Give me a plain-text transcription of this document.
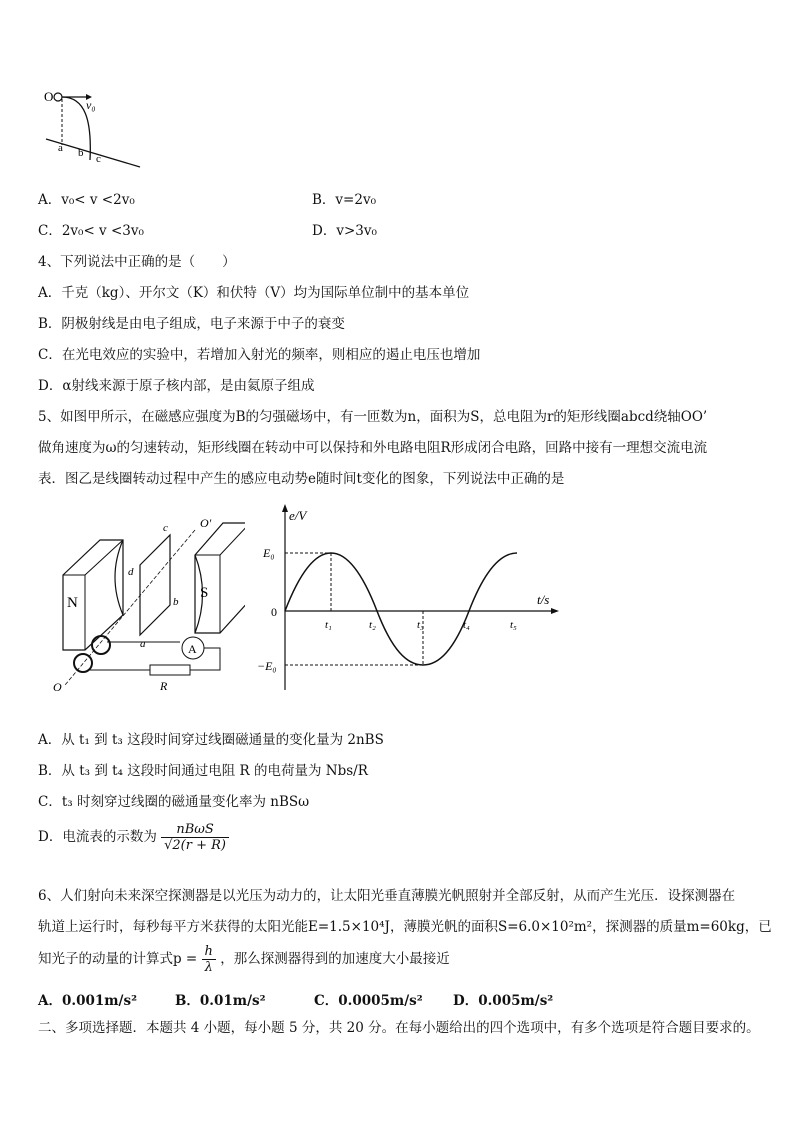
O
v₀
a b c
A．v₀< v <2v₀	B．v=2v₀
C．2v₀< v <3v₀	D．v>3v₀
4、下列说法中正确的是（　　）
A．千克（kg）、开尔文（K）和伏特（V）均为国际单位制中的基本单位
B．阴极射线是由电子组成，电子来源于中子的衰变
C．在光电效应的实验中，若增加入射光的频率，则相应的遏止电压也增加
D．α射线来源于原子核内部，是由氦原子组成
5、如图甲所示，在磁感应强度为B的匀强磁场中，有一匝数为n，面积为S，总电阻为r的矩形线圈abcd绕轴OO’
做角速度为ω的匀速转动，矩形线圈在转动中可以保持和外电路电阻R形成闭合电路，回路中接有一理想交流电流
表．图乙是线圈转动过程中产生的感应电动势e随时间t变化的图象，下列说法中正确的是
N
S
c
d
b
a
O'
O
A
R
e/V
t/s
0
E₀
−E₀
t₁	t₂	t₃	t₄	t₅
A．从 t₁ 到 t₃ 这段时间穿过线圈磁通量的变化量为 2nBS
B．从 t₃ 到 t₄ 这段时间通过电阻 R 的电荷量为 Nbs/R
C．t₃ 时刻穿过线圈的磁通量变化率为 nBSω
D．电流表的示数为 $\frac{\text{nBωS}}{√2(r + R)}$
6、人们射向未来深空探测器是以光压为动力的，让太阳光垂直薄膜光帆照射并全部反射，从而产生光压．设探测器在
轨道上运行时，每秒每平方米获得的太阳光能E=1.5×10⁴J，薄膜光帆的面积S=6.0×10²m²，探测器的质量m=60kg，已
知光子的动量的计算式$p = \frac{h}{\lambda}$ ，那么探测器得到的加速度大小最接近
A．0.001m/s²	B．0.01m/s²	C．0.0005m/s² D．0.005m/s²
二、多项选择题．本题共 4 小题，每小题 5 分，共 20 分。在每小题给出的四个选项中，有多个选项是符合题目要求的。
